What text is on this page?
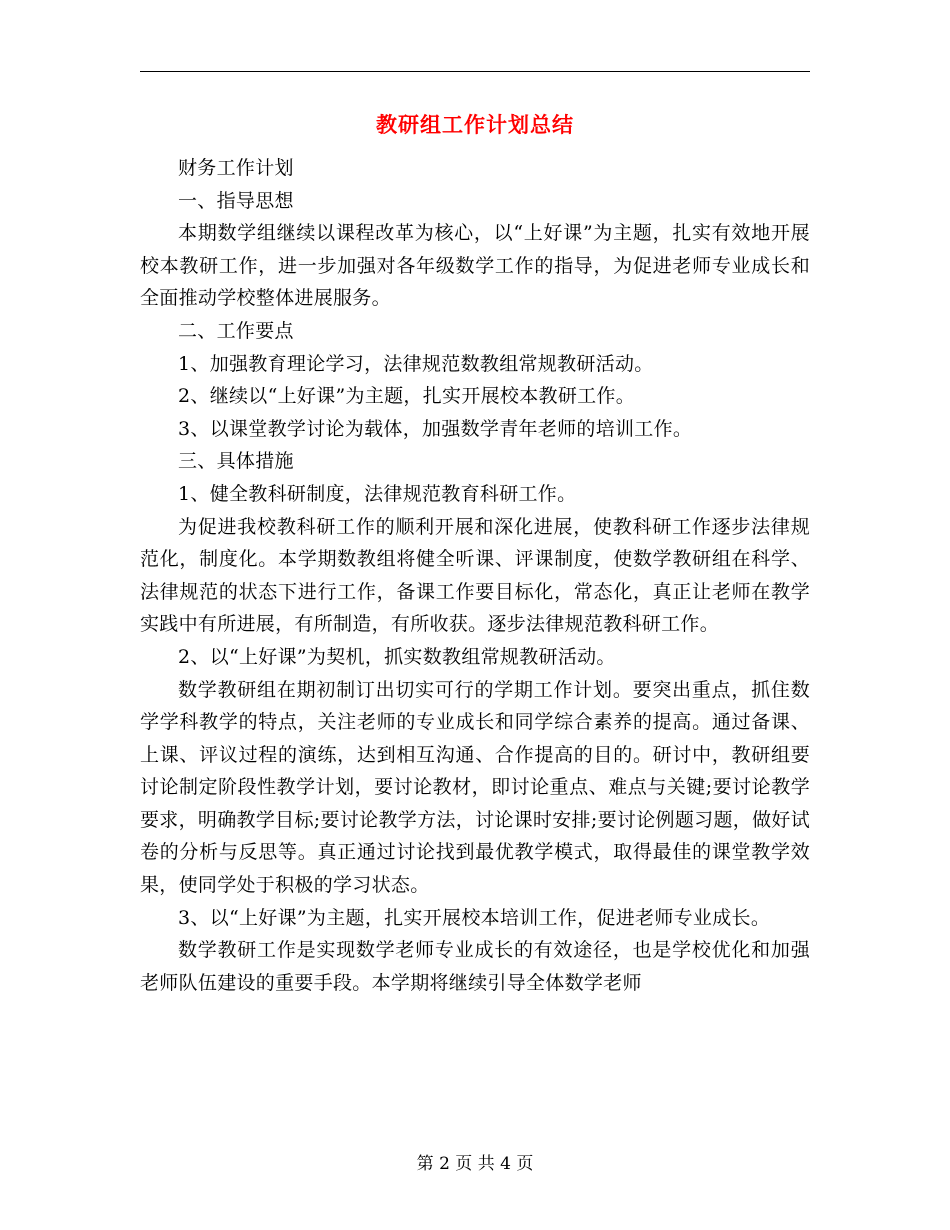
教研组工作计划总结

财务工作计划

一、指导思想

本期数学组继续以课程改革为核心，以“上好课”为主题，扎实有效地开展校本教研工作，进一步加强对各年级数学工作的指导，为促进老师专业成长和全面推动学校整体进展服务。

二、工作要点

1、加强教育理论学习，法律规范数教组常规教研活动。

2、继续以“上好课”为主题，扎实开展校本教研工作。

3、以课堂教学讨论为载体，加强数学青年老师的培训工作。

三、具体措施

1、健全教科研制度，法律规范教育科研工作。

为促进我校教科研工作的顺利开展和深化进展，使教科研工作逐步法律规范化，制度化。本学期数教组将健全听课、评课制度，使数学教研组在科学、法律规范的状态下进行工作，备课工作要目标化，常态化，真正让老师在教学实践中有所进展，有所制造，有所收获。逐步法律规范教科研工作。

2、以“上好课”为契机，抓实数教组常规教研活动。

数学教研组在期初制订出切实可行的学期工作计划。要突出重点，抓住数学学科教学的特点，关注老师的专业成长和同学综合素养的提高。通过备课、上课、评议过程的演练，达到相互沟通、合作提高的目的。研讨中，教研组要讨论制定阶段性教学计划，要讨论教材，即讨论重点、难点与关键;要讨论教学要求，明确教学目标;要讨论教学方法，讨论课时安排;要讨论例题习题，做好试卷的分析与反思等。真正通过讨论找到最优教学模式，取得最佳的课堂教学效果，使同学处于积极的学习状态。

3、以“上好课”为主题，扎实开展校本培训工作，促进老师专业成长。

数学教研工作是实现数学老师专业成长的有效途径，也是学校优化和加强老师队伍建设的重要手段。本学期将继续引导全体数学老师

第 2 页 共 4 页
